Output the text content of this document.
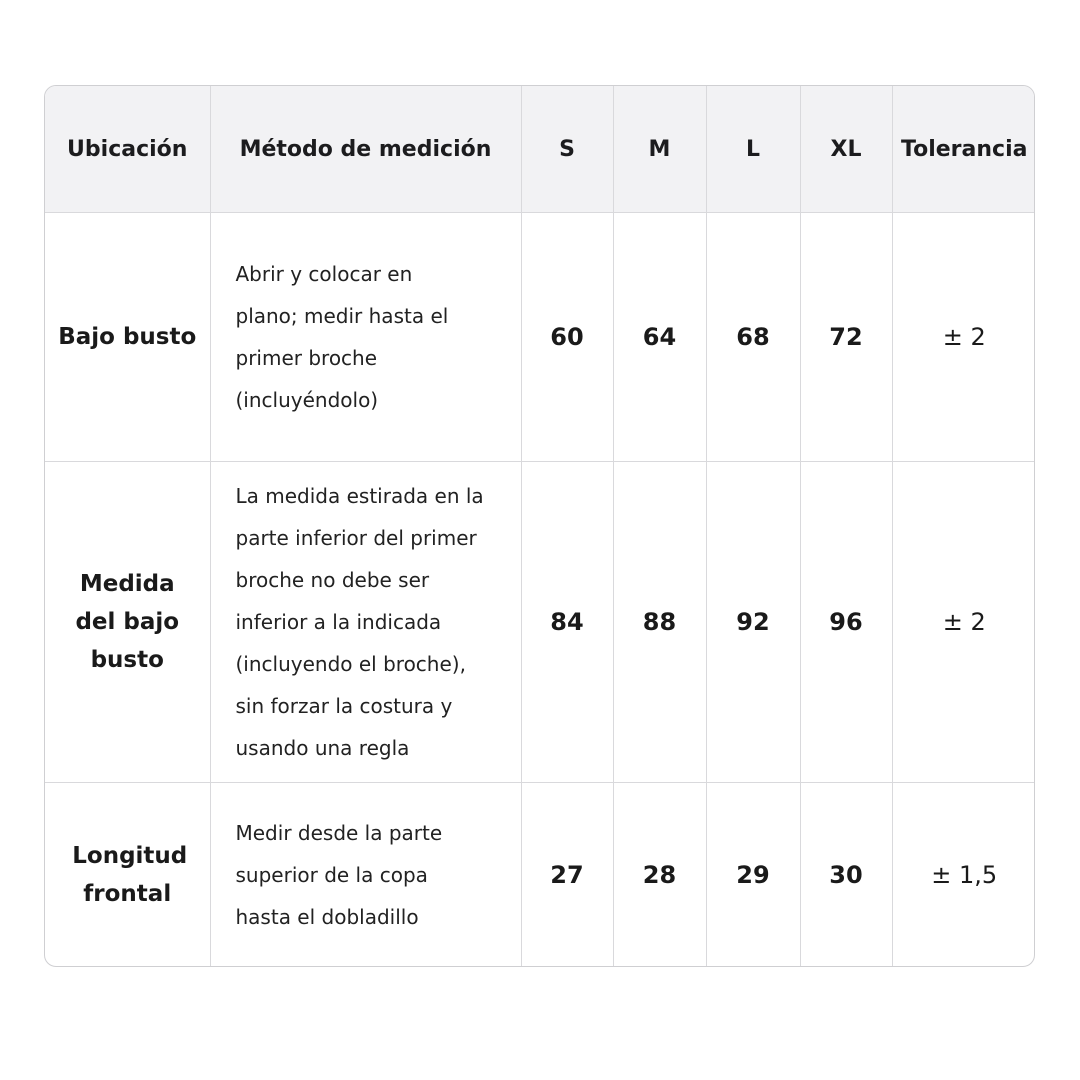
Ubicación	Método de medición	S	M	L	XL	Tolerancia
Bajo busto	Abrir y colocar en plano; medir hasta el primer broche (incluyéndolo)	60	64	68	72	± 2

Medida del bajo busto	La medida estirada en la parte inferior del primer broche no debe ser inferior a la indicada (incluyendo el broche), sin forzar la costura y usando una regla	84	88	92	96	± 2

Longitud frontal	Medir desde la parte superior de la copa hasta el dobladillo	27	28	29	30	± 1,5
